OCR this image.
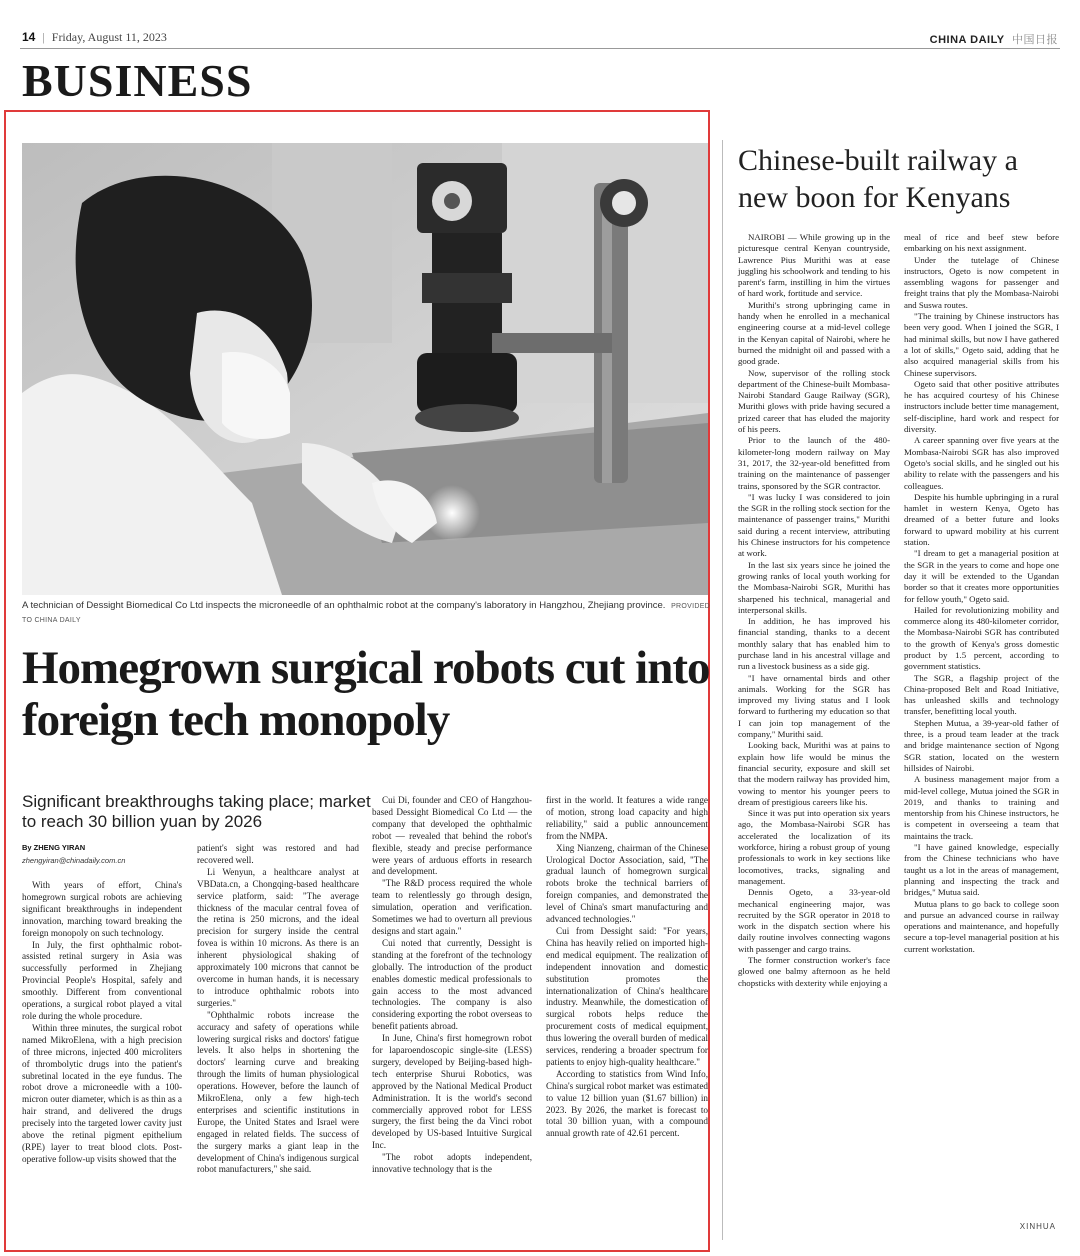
14 | Friday, August 11, 2023	CHINA DAILY 中国日报
BUSINESS
A technician of Dessight Biomedical Co Ltd inspects the microneedle of an ophthalmic robot at the company's laboratory in Hangzhou, Zhejiang province. PROVIDED TO CHINA DAILY
Homegrown surgical robots cut into foreign tech monopoly
Significant breakthroughs taking place; market to reach 30 billion yuan by 2026
By ZHENG YIRAN
zhengyiran@chinadaily.com.cn

With years of effort, China's homegrown surgical robots are achieving significant breakthroughs in independent innovation, marching toward breaking the foreign monopoly on such technology.

In July, the first ophthalmic robot-assisted retinal surgery in Asia was successfully performed in Zhejiang Provincial People's Hospital, safely and smoothly. Different from conventional operations, a surgical robot played a vital role during the whole procedure.

Within three minutes, the surgical robot named MikroElena, with a high precision of three microns, injected 400 microliters of thrombolytic drugs into the patient's subretinal located in the eye fundus. The robot drove a microneedle with a 100-micron outer diameter, which is as thin as a hair strand, and delivered the drugs precisely into the targeted lower cavity just above the retinal pigment epithelium (RPE) layer to treat blood clots. Post-operative follow-up visits showed that the

patient's sight was restored and had recovered well.

Li Wenyun, a healthcare analyst at VBData.cn, a Chongqing-based healthcare service platform, said: "The average thickness of the macular central fovea of the retina is 250 microns, and the ideal precision for surgery inside the central fovea is within 10 microns. As there is an inherent physiological shaking of approximately 100 microns that cannot be overcome in human hands, it is necessary to introduce ophthalmic robots into surgeries."

"Ophthalmic robots increase the accuracy and safety of operations while lowering surgical risks and doctors' fatigue levels. It also helps in shortening the doctors' learning curve and breaking through the limits of human physiological operations. However, before the launch of MikroElena, only a few high-tech enterprises and scientific institutions in Europe, the United States and Israel were engaged in related fields. The success of the surgery marks a giant leap in the development of China's indigenous surgical robot manufacturers," she said.

Cui Di, founder and CEO of Hangzhou-based Dessight Biomedical Co Ltd — the company that developed the ophthalmic robot — revealed that behind the robot's flexible, steady and precise performance were years of arduous efforts in research and development.

"The R&D process required the whole team to relentlessly go through design, simulation, operation and verification. Sometimes we had to overturn all previous designs and start again."

Cui noted that currently, Dessight is standing at the forefront of the technology globally. The introduction of the product enables domestic medical professionals to gain access to the most advanced technologies. The company is also considering exporting the robot overseas to benefit patients abroad.

In June, China's first homegrown robot for laparoendoscopic single-site (LESS) surgery, developed by Beijing-based high-tech enterprise Shurui Robotics, was approved by the National Medical Product Administration. It is the world's second commercially approved robot for LESS surgery, the first being the da Vinci robot developed by US-based Intuitive Surgical Inc.

"The robot adopts independent, innovative technology that is the

first in the world. It features a wide range of motion, strong load capacity and high reliability," said a public announcement from the NMPA.

Xing Nianzeng, chairman of the Chinese Urological Doctor Association, said, "The gradual launch of homegrown surgical robots broke the technical barriers of foreign companies, and demonstrated the level of China's smart manufacturing and advanced technologies."

Cui from Dessight said: "For years, China has heavily relied on imported high-end medical equipment. The realization of independent innovation and domestic substitution promotes the internationalization of China's healthcare industry. Meanwhile, the domestication of surgical robots helps reduce the procurement costs of medical equipment, thus lowering the overall burden of medical services, rendering a broader spectrum for patients to enjoy high-quality healthcare."

According to statistics from Wind Info, China's surgical robot market was estimated to value 12 billion yuan ($1.67 billion) in 2023. By 2026, the market is forecast to total 30 billion yuan, with a compound annual growth rate of 42.61 percent.

Chinese-built railway a new boon for Kenyans

NAIROBI — While growing up in the picturesque central Kenyan countryside, Lawrence Pius Murithi was at ease juggling his schoolwork and tending to his parent's farm, instilling in him the virtues of hard work, fortitude and service.

Murithi's strong upbringing came in handy when he enrolled in a mechanical engineering course at a mid-level college in the Kenyan capital of Nairobi, where he burned the midnight oil and passed with a good grade.

Now, supervisor of the rolling stock department of the Chinese-built Mombasa-Nairobi Standard Gauge Railway (SGR), Murithi glows with pride having secured a prized career that has eluded the majority of his peers.

Prior to the launch of the 480-kilometer-long modern railway on May 31, 2017, the 32-year-old benefitted from training on the maintenance of passenger trains, sponsored by the SGR contractor.

"I was lucky I was considered to join the SGR in the rolling stock section for the maintenance of passenger trains," Murithi said during a recent interview, attributing his Chinese instructors for his competence at work.

In the last six years since he joined the growing ranks of local youth working for the Mombasa-Nairobi SGR, Murithi has sharpened his technical, managerial and interpersonal skills.

In addition, he has improved his financial standing, thanks to a decent monthly salary that has enabled him to purchase land in his ancestral village and run a livestock business as a side gig.

"I have ornamental birds and other animals. Working for the SGR has improved my living status and I look forward to furthering my education so that I can join top management of the company," Murithi said.

Looking back, Murithi was at pains to explain how life would be minus the financial security, exposure and skill set that the modern railway has provided him, vowing to mentor his younger peers to dream of prestigious careers like his.

Since it was put into operation six years ago, the Mombasa-Nairobi SGR has accelerated the localization of its workforce, hiring a robust group of young professionals to work in key sections like locomotives, tracks, signaling and management.

Dennis Ogeto, a 33-year-old mechanical engineering major, was recruited by the SGR operator in 2018 to work in the dispatch section where his daily routine involves connecting wagons with passenger and cargo trains.

The former construction worker's face glowed one balmy afternoon as he held chopsticks with dexterity while enjoying a

meal of rice and beef stew before embarking on his next assignment.

Under the tutelage of Chinese instructors, Ogeto is now competent in assembling wagons for passenger and freight trains that ply the Mombasa-Nairobi and Suswa routes.

"The training by Chinese instructors has been very good. When I joined the SGR, I had minimal skills, but now I have gathered a lot of skills," Ogeto said, adding that he also acquired managerial skills from his Chinese supervisors.

Ogeto said that other positive attributes he has acquired courtesy of his Chinese instructors include better time management, self-discipline, hard work and respect for diversity.

A career spanning over five years at the Mombasa-Nairobi SGR has also improved Ogeto's social skills, and he singled out his ability to relate with the passengers and his colleagues.

Despite his humble upbringing in a rural hamlet in western Kenya, Ogeto has dreamed of a better future and looks forward to upward mobility at his current station.

"I dream to get a managerial position at the SGR in the years to come and hope one day it will be extended to the Ugandan border so that it creates more opportunities for fellow youth," Ogeto said.

Hailed for revolutionizing mobility and commerce along its 480-kilometer corridor, the Mombasa-Nairobi SGR has contributed to the growth of Kenya's gross domestic product by 1.5 percent, according to government statistics.

The SGR, a flagship project of the China-proposed Belt and Road Initiative, has unleashed skills and technology transfer, benefitting local youth.

Stephen Mutua, a 39-year-old father of three, is a proud team leader at the track and bridge maintenance section of Ngong SGR station, located on the western hillsides of Nairobi.

A business management major from a mid-level college, Mutua joined the SGR in 2019, and thanks to training and mentorship from his Chinese instructors, he is competent in overseeing a team that maintains the track.

"I have gained knowledge, especially from the Chinese technicians who have taught us a lot in the areas of management, planning and inspecting the track and bridges," Mutua said.

Mutua plans to go back to college soon and pursue an advanced course in railway operations and maintenance, and hopefully secure a top-level managerial position at his current workstation.

XINHUA
